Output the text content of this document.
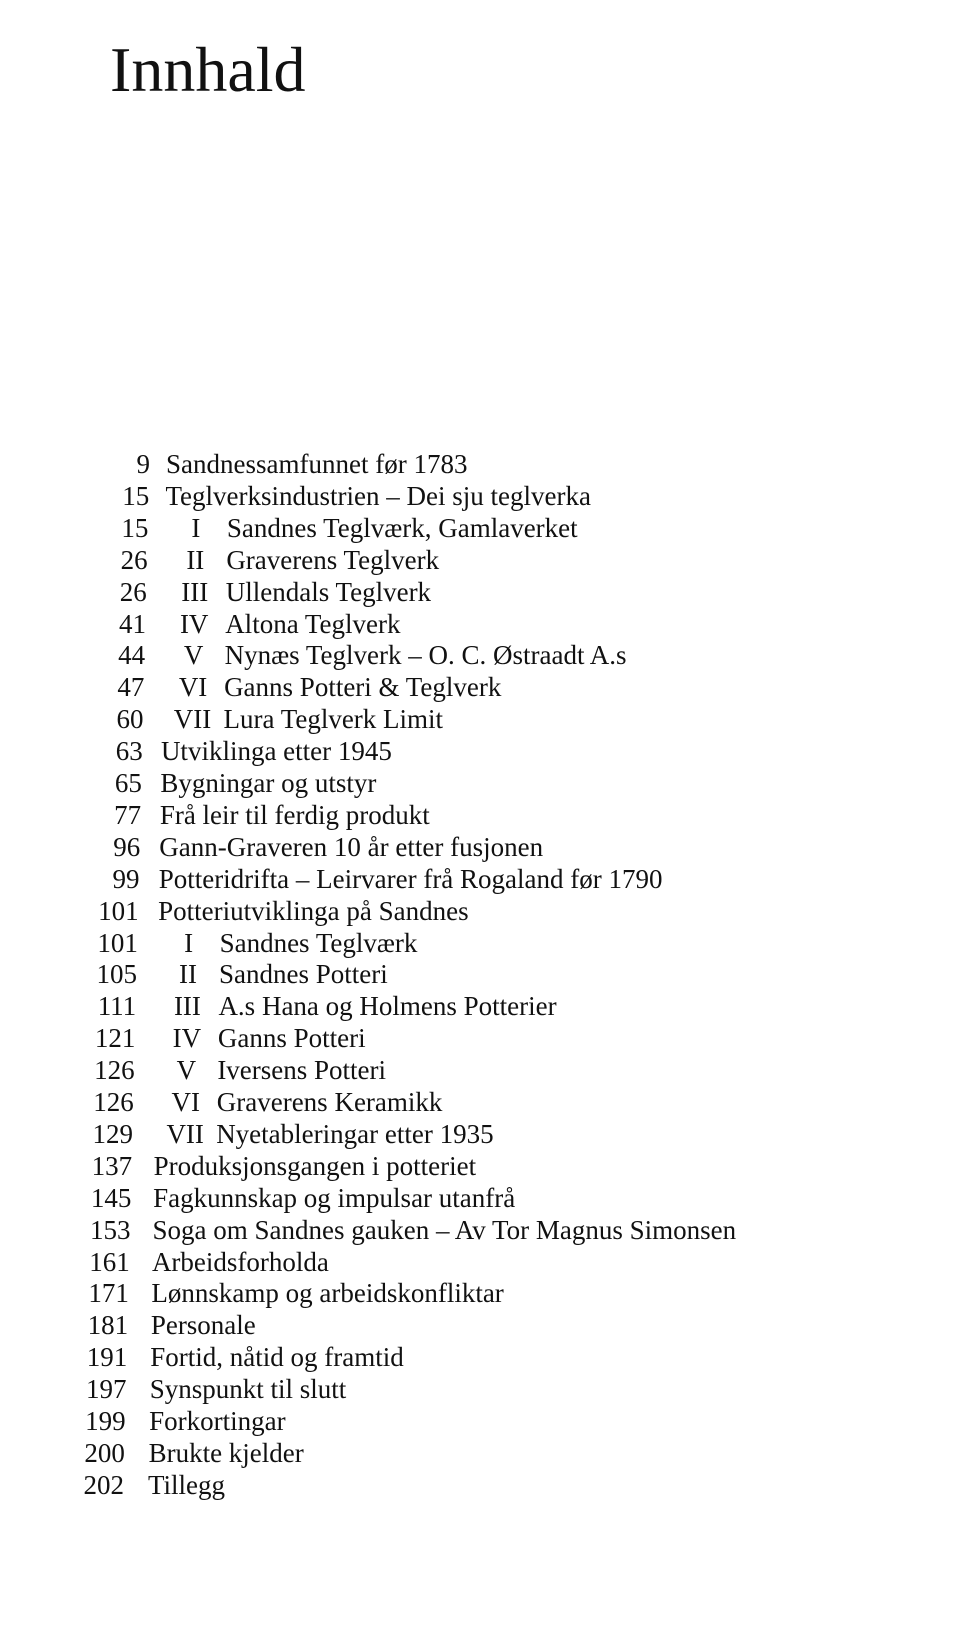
Innhald
9 Sandnessamfunnet før 1783
15 Teglverksindustrien – Dei sju teglverka
15	I Sandnes Teglværk, Gamlaverket
26	II Graverens Teglverk
26	III Ullendals Teglverk
41	IV Altona Teglverk
44	V Nynæs Teglverk – O. C. Østraadt A.s
47	VI Ganns Potteri & Teglverk
60	VII Lura Teglverk Limit
63 Utviklinga etter 1945
65 Bygningar og utstyr
77 Frå leir til ferdig produkt
96 Gann-Graveren 10 år etter fusjonen
99 Potteridrifta – Leirvarer frå Rogaland før 1790
101 Potteriutviklinga på Sandnes
101	I Sandnes Teglværk
105	II Sandnes Potteri
111	III A.s Hana og Holmens Potterier
121	IV Ganns Potteri
126	V Iversens Potteri
126	VI Graverens Keramikk
129	VII Nyetableringar etter 1935
137 Produksjonsgangen i potteriet
145 Fagkunnskap og impulsar utanfrå
153 Soga om Sandnes gauken – Av Tor Magnus Simonsen
161 Arbeidsforholda
171 Lønnskamp og arbeidskonfliktar
181 Personale
191 Fortid, nåtid og framtid
197 Synspunkt til slutt
199 Forkortingar
200 Brukte kjelder
202 Tillegg
